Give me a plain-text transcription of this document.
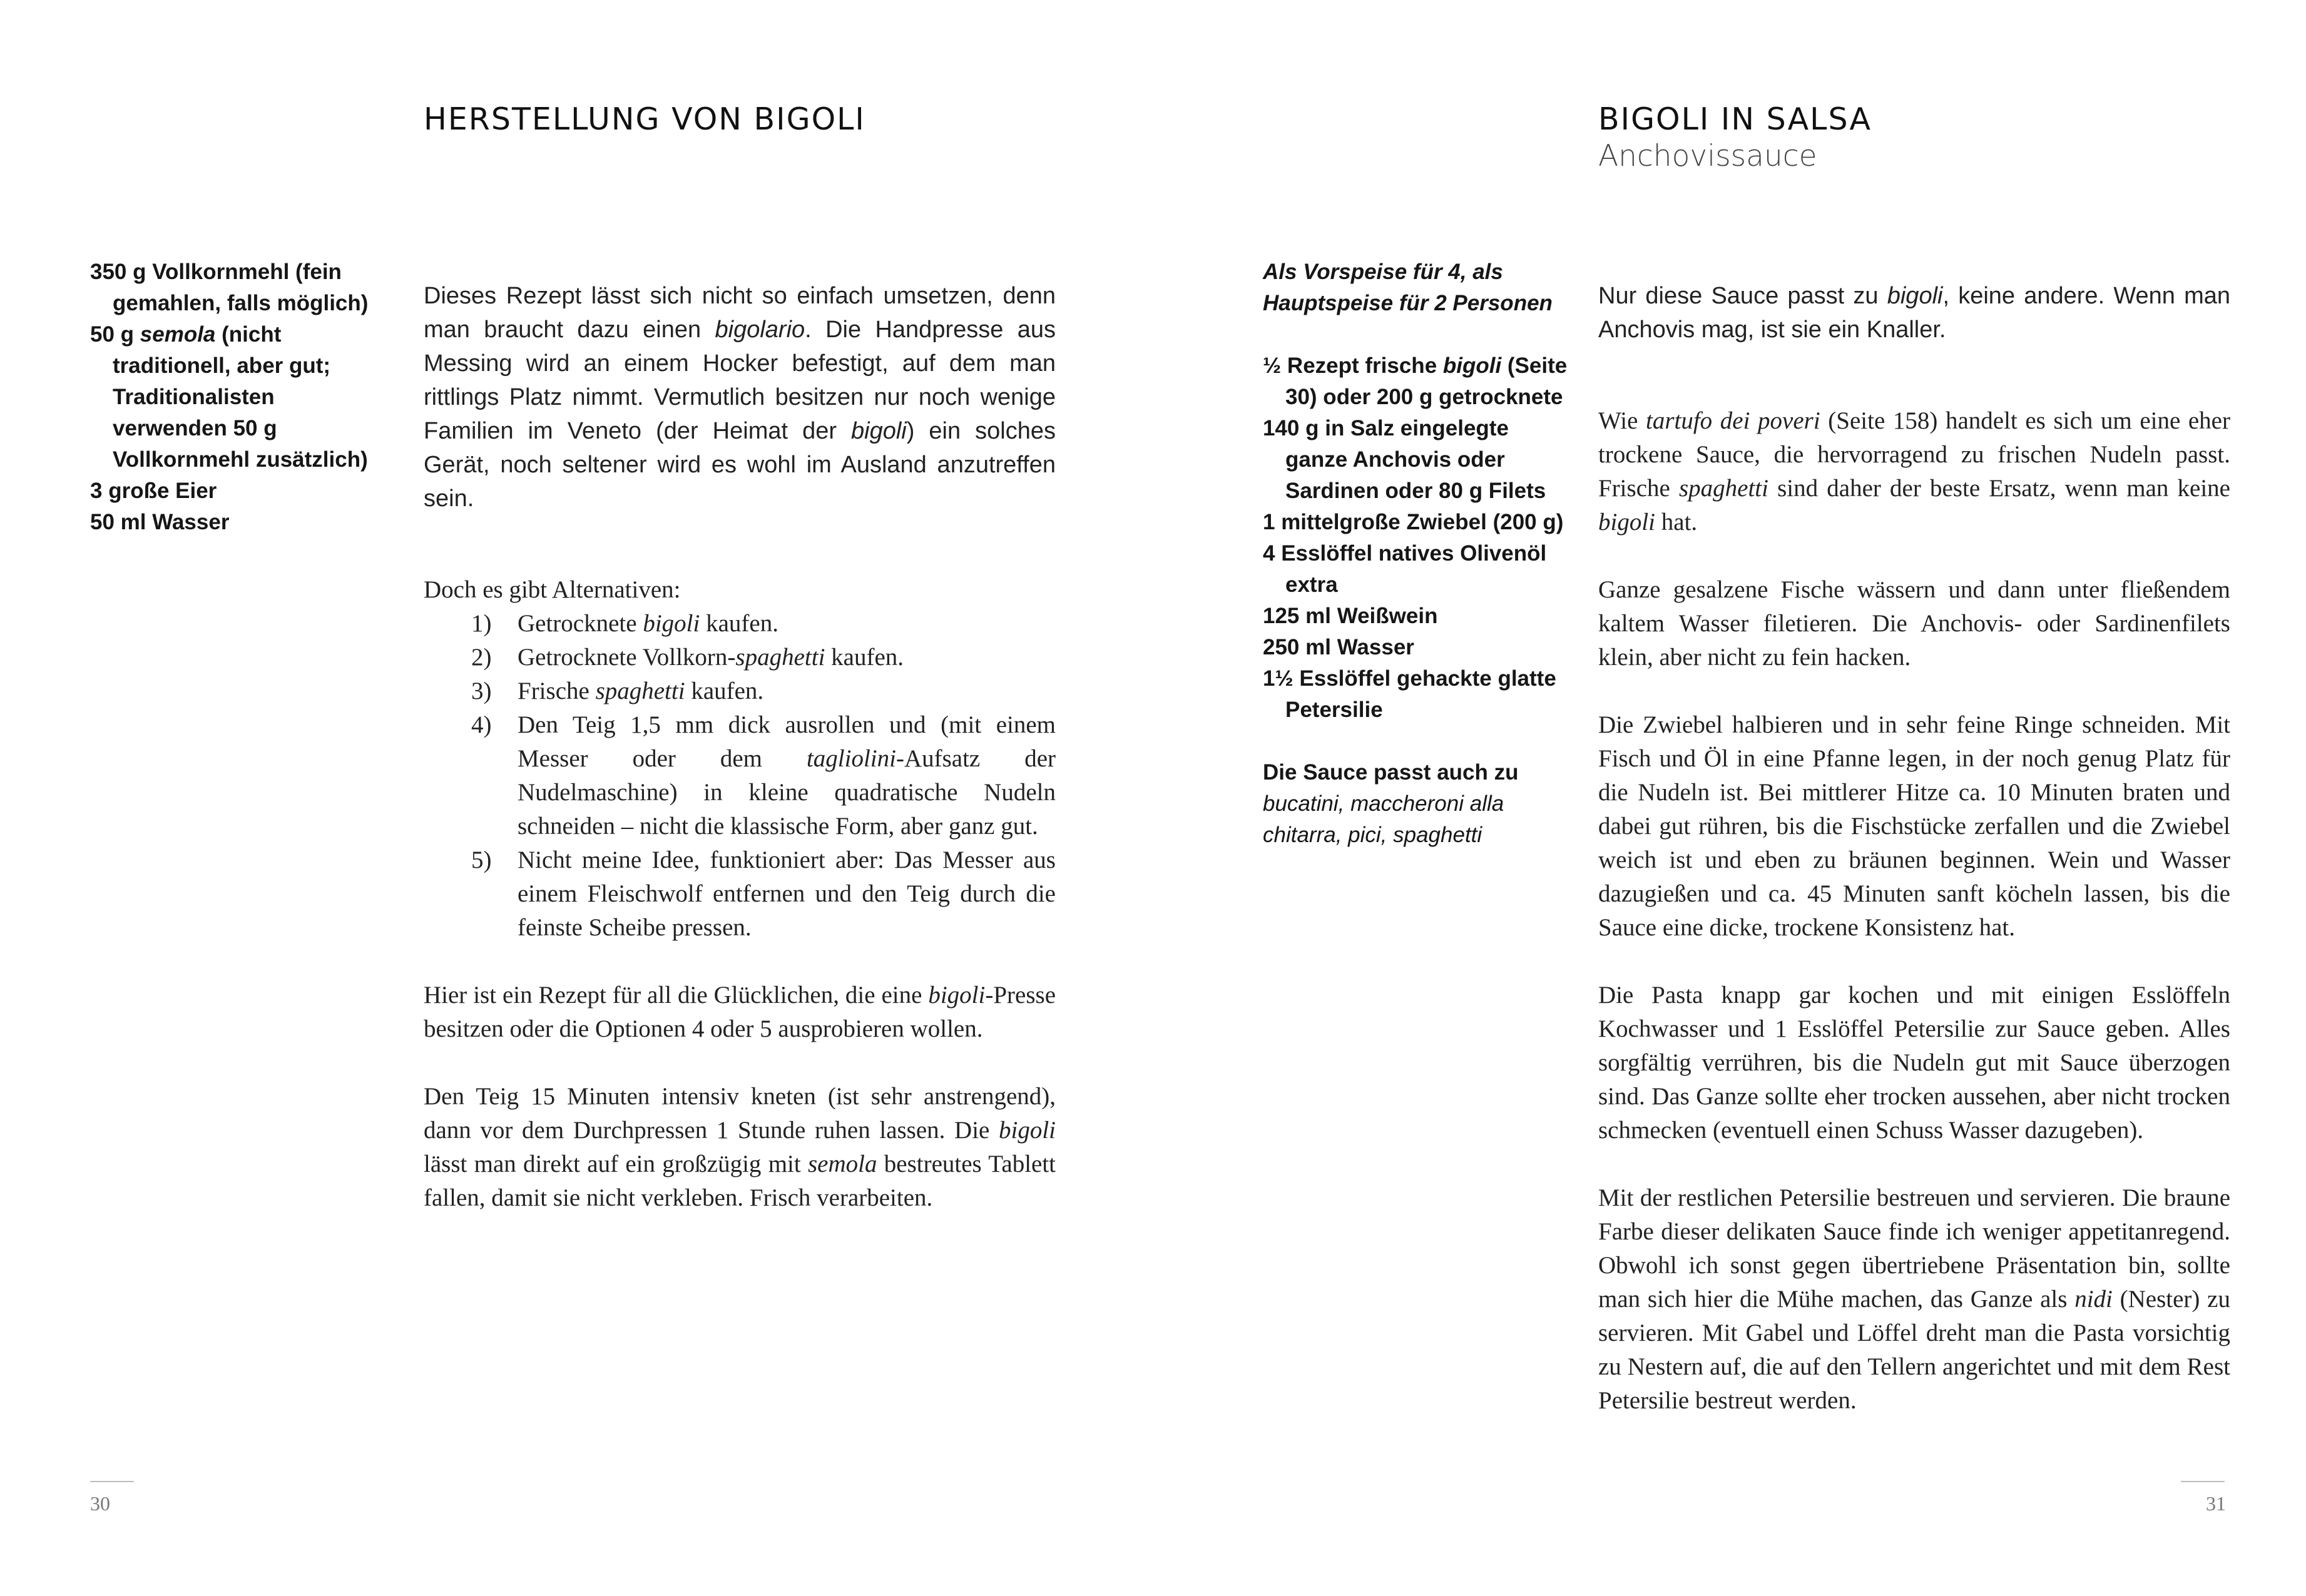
HERSTELLUNG VON BIGOLI

350 g Vollkornmehl (fein gemahlen, falls möglich)

50 g semola (nicht traditionell, aber gut; Traditionalisten verwenden 50 g Vollkornmehl zusätzlich)

3 große Eier

50 ml Wasser

Dieses Rezept lässt sich nicht so einfach umsetzen, denn man braucht dazu einen bigolario. Die Handpresse aus Messing wird an einem Hocker befestigt, auf dem man rittlings Platz nimmt. Vermutlich besitzen nur noch wenige Familien im Veneto (der Heimat der bigoli) ein solches Gerät, noch seltener wird es wohl im Ausland anzutreffen sein.

Doch es gibt Alternativen:

1) Getrocknete bigoli kaufen.
2) Getrocknete Vollkorn-spaghetti kaufen.
3) Frische spaghetti kaufen.
4) Den Teig 1,5 mm dick ausrollen und (mit einem Messer oder dem tagliolini-Aufsatz der Nudelmaschine) in kleine quadratische Nudeln schneiden – nicht die klassische Form, aber ganz gut.
5) Nicht meine Idee, funktioniert aber: Das Messer aus einem Fleischwolf entfernen und den Teig durch die feinste Scheibe pressen.

Hier ist ein Rezept für all die Glücklichen, die eine bigoli-Presse besitzen oder die Optionen 4 oder 5 ausprobieren wollen.

Den Teig 15 Minuten intensiv kneten (ist sehr anstrengend), dann vor dem Durchpressen 1 Stunde ruhen lassen. Die bigoli lässt man direkt auf ein großzügig mit semola bestreutes Tablett fallen, damit sie nicht verkleben. Frisch verarbeiten.

30
BIGOLI IN SALSA
Anchovissauce

Als Vorspeise für 4, als Hauptspeise für 2 Personen

½ Rezept frische bigoli (Seite 30) oder 200 g getrocknete

140 g in Salz eingelegte ganze Anchovis oder Sardinen oder 80 g Filets

1 mittelgroße Zwiebel (200 g)

4 Esslöffel natives Olivenöl extra

125 ml Weißwein

250 ml Wasser

1½ Esslöffel gehackte glatte Petersilie

Die Sauce passt auch zu

bucatini, maccheroni alla chitarra, pici, spaghetti

Nur diese Sauce passt zu bigoli, keine andere. Wenn man Anchovis mag, ist sie ein Knaller.

Wie tartufo dei poveri (Seite 158) handelt es sich um eine eher trockene Sauce, die hervorragend zu frischen Nudeln passt. Frische spaghetti sind daher der beste Ersatz, wenn man keine bigoli hat.

Ganze gesalzene Fische wässern und dann unter fließendem kaltem Wasser filetieren. Die Anchovis- oder Sardinenfilets klein, aber nicht zu fein hacken.

Die Zwiebel halbieren und in sehr feine Ringe schneiden. Mit Fisch und Öl in eine Pfanne legen, in der noch genug Platz für die Nudeln ist. Bei mittlerer Hitze ca. 10 Minuten braten und dabei gut rühren, bis die Fischstücke zerfallen und die Zwiebel weich ist und eben zu bräunen beginnen. Wein und Wasser dazugießen und ca. 45 Minuten sanft köcheln lassen, bis die Sauce eine dicke, trockene Konsistenz hat.

Die Pasta knapp gar kochen und mit einigen Esslöffeln Kochwasser und 1 Esslöffel Petersilie zur Sauce geben. Alles sorgfältig verrühren, bis die Nudeln gut mit Sauce überzogen sind. Das Ganze sollte eher trocken aussehen, aber nicht trocken schmecken (eventuell einen Schuss Wasser dazugeben).

Mit der restlichen Petersilie bestreuen und servieren. Die braune Farbe dieser delikaten Sauce finde ich weniger appetitanregend. Obwohl ich sonst gegen übertriebene Präsentation bin, sollte man sich hier die Mühe machen, das Ganze als nidi (Nester) zu servieren. Mit Gabel und Löffel dreht man die Pasta vorsichtig zu Nestern auf, die auf den Tellern angerichtet und mit dem Rest Petersilie bestreut werden.

31
